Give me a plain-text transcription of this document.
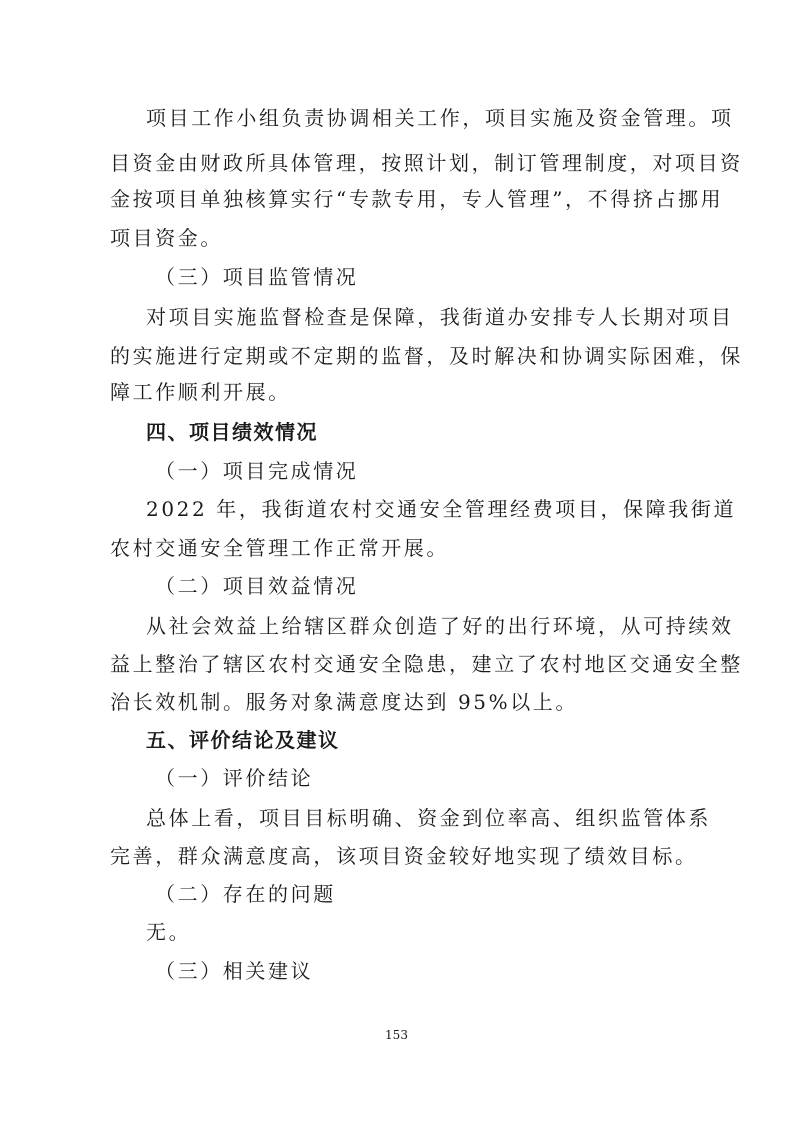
项目工作小组负责协调相关工作，项目实施及资金管理。项
目资金由财政所具体管理，按照计划，制订管理制度，对项目资
金按项目单独核算实行“专款专用，专人管理”，不得挤占挪用
项目资金。
（三）项目监管情况
对项目实施监督检查是保障，我街道办安排专人长期对项目
的实施进行定期或不定期的监督，及时解决和协调实际困难，保
障工作顺利开展。
四、项目绩效情况
（一）项目完成情况
2022 年，我街道农村交通安全管理经费项目，保障我街道
农村交通安全管理工作正常开展。
（二）项目效益情况
从社会效益上给辖区群众创造了好的出行环境，从可持续效
益上整治了辖区农村交通安全隐患，建立了农村地区交通安全整
治长效机制。服务对象满意度达到 95%以上。
五、评价结论及建议
（一）评价结论
总体上看，项目目标明确、资金到位率高、组织监管体系
完善，群众满意度高，该项目资金较好地实现了绩效目标。
（二）存在的问题
无。
（三）相关建议
153
